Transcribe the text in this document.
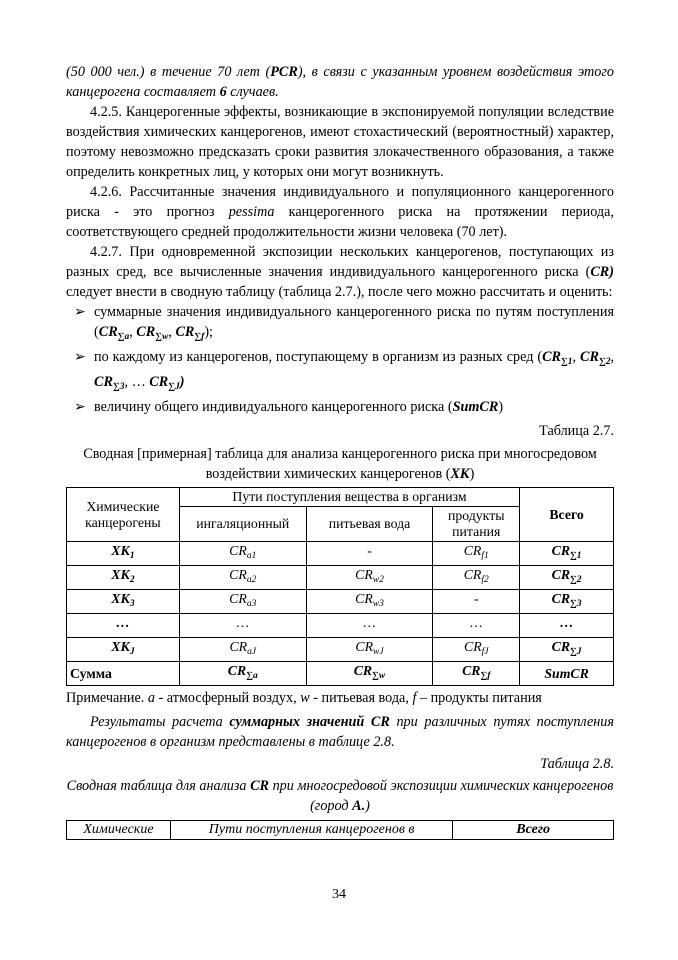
(50 000 чел.) в течение 70 лет (PCR), в связи с указанным уровнем воздействия этого канцерогена составляет 6 случаев.

4.2.5. Канцерогенные эффекты, возникающие в экспонируемой популяции вследствие воздействия химических канцерогенов, имеют стохастический (вероятностный) характер, поэтому невозможно предсказать сроки развития злокачественного образования, а также определить конкретных лиц, у которых они могут возникнуть.

4.2.6. Рассчитанные значения индивидуального и популяционного канцерогенного риска - это прогноз pessima канцерогенного риска на протяжении периода, соответствующего средней продолжительности жизни человека (70 лет).

4.2.7. При одновременной экспозиции нескольких канцерогенов, поступающих из разных сред, все вычисленные значения индивидуального канцерогенного риска (CR) следует внести в сводную таблицу (таблица 2.7.), после чего можно рассчитать и оценить:

➢ суммарные значения индивидуального канцерогенного риска по путям поступления ($CR_{\sum a}$, $CR_{\sum w}$, $CR_{\sum f}$);
➢ по каждому из канцерогенов, поступающему в организм из разных сред ($CR_{\sum 1}$, $CR_{\sum 2}$, $CR_{\sum 3}$, … $CR_{\sum J}$)
➢ величину общего индивидуального канцерогенного риска (SumCR)

Таблица 2.7.

Сводная [примерная] таблица для анализа канцерогенного риска при многосредовом воздействии химических канцерогенов (ХК)

Химические канцерогены	Пути поступления вещества в организм			Всего
	ингаляционный	питьевая вода	продукты питания	
$ХК_1$	$CR_{a1}$	-	$CR_{f1}$	$CR_{\sum 1}$
$ХК_2$	$CR_{a2}$	$CR_{w2}$	$CR_{f2}$	$CR_{\sum 2}$
$ХК_3$	$CR_{a3}$	$CR_{w3}$	-	$CR_{\sum 3}$
…	…	…	…	…
$ХК_J$	$CR_{aJ}$	$CR_{wJ}$	$CR_{fJ}$	$CR_{\sum J}$
Сумма	$CR_{\sum a}$	$CR_{\sum w}$	$CR_{\sum f}$	SumCR

Примечание. a - атмосферный воздух, w - питьевая вода, f – продукты питания

Результаты расчета суммарных значений CR при различных путях поступления канцерогенов в организм представлены в таблице 2.8.

Таблица 2.8.

Сводная таблица для анализа CR при многосредовой экспозиции химических канцерогенов (город А.)

Химические	Пути поступления канцерогенов в	Всего
34
